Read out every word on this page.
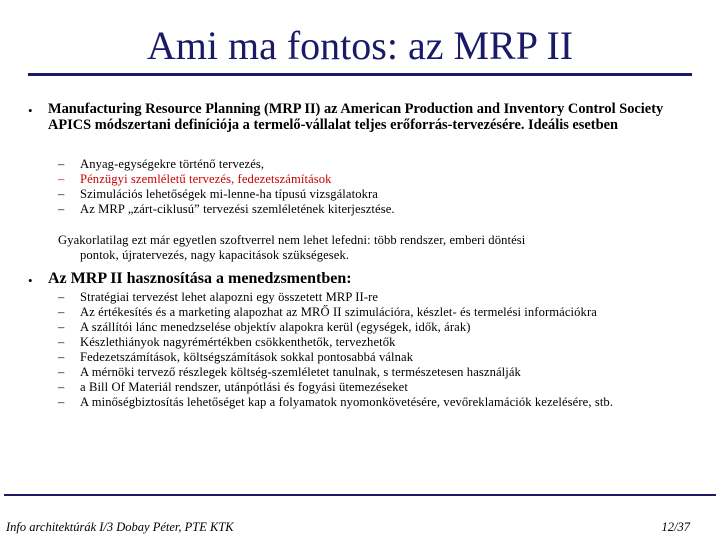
Ami ma fontos: az MRP II
• Manufacturing Resource Planning (MRP II) az American Production and Inventory Control Society APICS módszertani definíciója a termelő-vállalat teljes erőforrás-tervezésére. Ideális esetben
– Anyag-egységekre történő tervezés,
– Pénzügyi szemléletű tervezés, fedezetszámítások
– Szimulációs lehetőségek mi-lenne-ha típusú vizsgálatokra
– Az MRP „zárt-ciklusú” tervezési szemléletének kiterjesztése.
Gyakorlatilag ezt már egyetlen szoftverrel nem lehet lefedni: több rendszer, emberi döntési
pontok, újratervezés, nagy kapacitások szükségesek.
• Az MRP II hasznosítása a menedzsmentben:
– Stratégiai tervezést lehet alapozni egy összetett MRP II-re
– Az értékesítés és a marketing alapozhat az MRŐ II szimulációra, készlet- és termelési információkra
– A szállítói lánc menedzselése objektív alapokra kerül (egységek, idők, árak)
– Készlethiányok nagyrémértékben csökkenthetők, tervezhetők
– Fedezetszámítások, költségszámítások sokkal pontosabbá válnak
– A mérnöki tervező részlegek költség-szemléletet tanulnak, s természetesen használják
– a Bill Of Materiál rendszer, utánpótlási és fogyási ütemezéseket
– A minőségbiztosítás lehetőséget kap a folyamatok nyomonkövetésére, vevőreklamációk kezelésére, stb.
Info architektúrák I/3 Dobay Péter, PTE KTK	12/37
